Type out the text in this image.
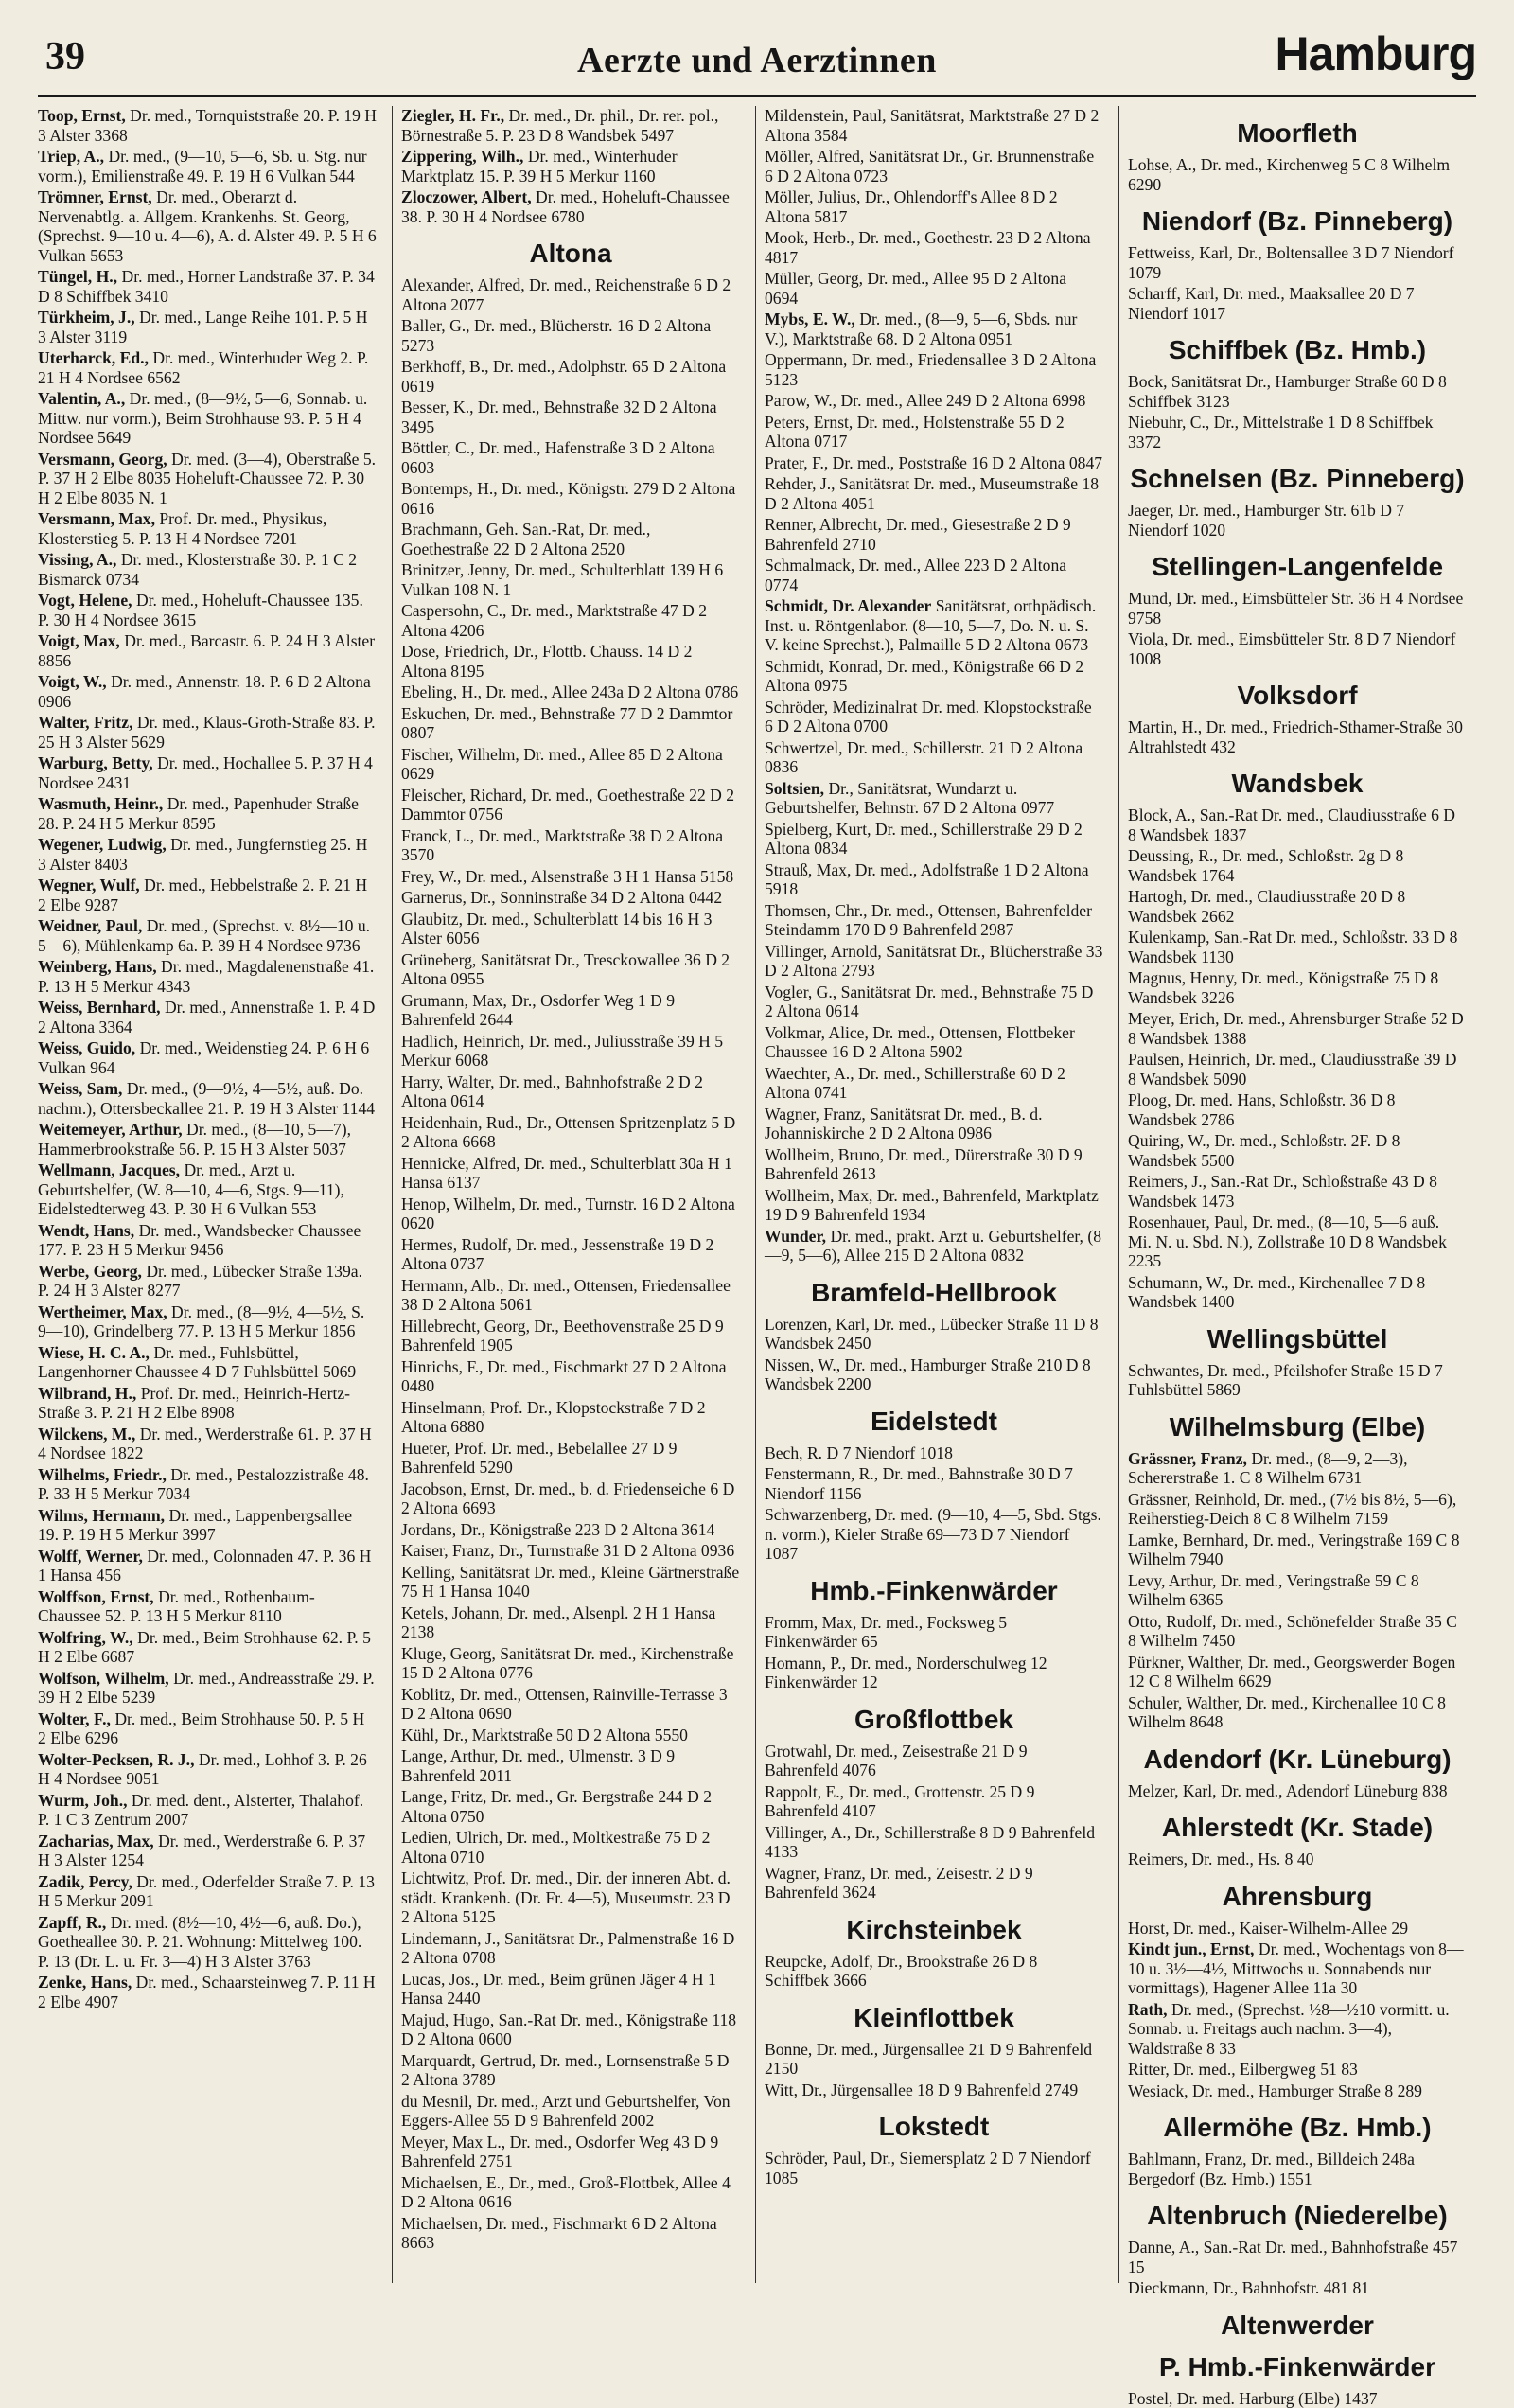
39	Aerzte und Aerztinnen	Hamburg
Toop, Ernst, Dr. med., Tornquiststraße 20. P. 19 H 3 Alster 3368
Triep, A., Dr. med., (9—10, 5—6, Sb. u. Stg. nur vorm.), Emilienstraße 49. P. 19 H 6 Vulkan 544
Trömner, Ernst, Dr. med., Oberarzt d. Nervenabtlg. a. Allgem. Krankenhs. St. Georg, (Sprechst. 9—10 u. 4—6), A. d. Alster 49. P. 5 H 6 Vulkan 5653
Tüngel, H., Dr. med., Horner Landstraße 37. P. 34 D 8 Schiffbek 3410
Türkheim, J., Dr. med., Lange Reihe 101. P. 5 H 3 Alster 3119
Uterharck, Ed., Dr. med., Winterhuder Weg 2. P. 21 H 4 Nordsee 6562
Valentin, A., Dr. med., (8—9½, 5—6, Sonnab. u. Mittw. nur vorm.), Beim Strohhause 93. P. 5 H 4 Nordsee 5649
Versmann, Georg, Dr. med. (3—4), Oberstraße 5. P. 37 H 2 Elbe 8035 Hoheluft-Chaussee 72. P. 30 H 2 Elbe 8035 N. 1
Versmann, Max, Prof. Dr. med., Physikus, Klosterstieg 5. P. 13 H 4 Nordsee 7201
Vissing, A., Dr. med., Klosterstraße 30. P. 1 C 2 Bismarck 0734
Vogt, Helene, Dr. med., Hoheluft-Chaussee 135. P. 30 H 4 Nordsee 3615
Voigt, Max, Dr. med., Barcastr. 6. P. 24 H 3 Alster 8856
Voigt, W., Dr. med., Annenstr. 18. P. 6 D 2 Altona 0906
Walter, Fritz, Dr. med., Klaus-Groth-Straße 83. P. 25 H 3 Alster 5629
Warburg, Betty, Dr. med., Hochallee 5. P. 37 H 4 Nordsee 2431
Wasmuth, Heinr., Dr. med., Papenhuder Straße 28. P. 24 H 5 Merkur 8595
Wegener, Ludwig, Dr. med., Jungfernstieg 25. H 3 Alster 8403
Wegner, Wulf, Dr. med., Hebbelstraße 2. P. 21 H 2 Elbe 9287
Weidner, Paul, Dr. med., (Sprechst. v. 8½—10 u. 5—6), Mühlenkamp 6a. P. 39 H 4 Nordsee 9736
Weinberg, Hans, Dr. med., Magdalenenstraße 41. P. 13 H 5 Merkur 4343
Weiss, Bernhard, Dr. med., Annenstraße 1. P. 4 D 2 Altona 3364
Weiss, Guido, Dr. med., Weidenstieg 24. P. 6 H 6 Vulkan 964
Weiss, Sam, Dr. med., (9—9½, 4—5½, auß. Do. nachm.), Ottersbeckallee 21. P. 19 H 3 Alster 1144
Weitemeyer, Arthur, Dr. med., (8—10, 5—7), Hammerbrookstraße 56. P. 15 H 3 Alster 5037
Wellmann, Jacques, Dr. med., Arzt u. Geburtshelfer, (W. 8—10, 4—6, Stgs. 9—11), Eidelstedterweg 43. P. 30 H 6 Vulkan 553
Wendt, Hans, Dr. med., Wandsbecker Chaussee 177. P. 23 H 5 Merkur 9456
Werbe, Georg, Dr. med., Lübecker Straße 139a. P. 24 H 3 Alster 8277
Wertheimer, Max, Dr. med., (8—9½, 4—5½, S. 9—10), Grindelberg 77. P. 13 H 5 Merkur 1856
Wiese, H. C. A., Dr. med., Fuhlsbüttel, Langenhorner Chaussee 4 D 7 Fuhlsbüttel 5069
Wilbrand, H., Prof. Dr. med., Heinrich-Hertz-Straße 3. P. 21 H 2 Elbe 8908
Wilckens, M., Dr. med., Werderstraße 61. P. 37 H 4 Nordsee 1822
Wilhelms, Friedr., Dr. med., Pestalozzistraße 48. P. 33 H 5 Merkur 7034
Wilms, Hermann, Dr. med., Lappenbergsallee 19. P. 19 H 5 Merkur 3997
Wolff, Werner, Dr. med., Colonnaden 47. P. 36 H 1 Hansa 456
Wolffson, Ernst, Dr. med., Rothenbaum-Chaussee 52. P. 13 H 5 Merkur 8110
Wolfring, W., Dr. med., Beim Strohhause 62. P. 5 H 2 Elbe 6687
Wolfson, Wilhelm, Dr. med., Andreasstraße 29. P. 39 H 2 Elbe 5239
Wolter, F., Dr. med., Beim Strohhause 50. P. 5 H 2 Elbe 6296
Wolter-Pecksen, R. J., Dr. med., Lohhof 3. P. 26 H 4 Nordsee 9051
Wurm, Joh., Dr. med. dent., Alsterter, Thalahof. P. 1 C 3 Zentrum 2007
Zacharias, Max, Dr. med., Werderstraße 6. P. 37 H 3 Alster 1254
Zadik, Percy, Dr. med., Oderfelder Straße 7. P. 13 H 5 Merkur 2091
Zapff, R., Dr. med. (8½—10, 4½—6, auß. Do.), Goetheallee 30. P. 21. Wohnung: Mittelweg 100. P. 13 (Dr. L. u. Fr. 3—4) H 3 Alster 3763
Zenke, Hans, Dr. med., Schaarsteinweg 7. P. 11 H 2 Elbe 4907
Ziegler, H. Fr., Dr. med., Dr. phil., Dr. rer. pol., Börnestraße 5. P. 23 D 8 Wandsbek 5497
Zippering, Wilh., Dr. med., Winterhuder Marktplatz 15. P. 39 H 5 Merkur 1160
Zloczower, Albert, Dr. med., Hoheluft-Chaussee 38. P. 30 H 4 Nordsee 6780
Altona
Alexander, Alfred, Dr. med., Reichenstraße 6 D 2 Altona 2077
Baller, G., Dr. med., Blücherstr. 16 D 2 Altona 5273
Berkhoff, B., Dr. med., Adolphstr. 65 D 2 Altona 0619
Besser, K., Dr. med., Behnstraße 32 D 2 Altona 3495
Böttler, C., Dr. med., Hafenstraße 3 D 2 Altona 0603
Bontemps, H., Dr. med., Königstr. 279 D 2 Altona 0616
Brachmann, Geh. San.-Rat, Dr. med., Goethestraße 22 D 2 Altona 2520
Brinitzer, Jenny, Dr. med., Schulterblatt 139 H 6 Vulkan 108 N. 1
Caspersohn, C., Dr. med., Marktstraße 47 D 2 Altona 4206
Dose, Friedrich, Dr., Flottb. Chauss. 14 D 2 Altona 8195
Ebeling, H., Dr. med., Allee 243a D 2 Altona 0786
Eskuchen, Dr. med., Behnstraße 77 D 2 Dammtor 0807
Fischer, Wilhelm, Dr. med., Allee 85 D 2 Altona 0629
Fleischer, Richard, Dr. med., Goethestraße 22 D 2 Dammtor 0756
Franck, L., Dr. med., Marktstraße 38 D 2 Altona 3570
Frey, W., Dr. med., Alsenstraße 3 H 1 Hansa 5158
Garnerus, Dr., Sonninstraße 34 D 2 Altona 0442
Glaubitz, Dr. med., Schulterblatt 14 bis 16 H 3 Alster 6056
Grüneberg, Sanitätsrat Dr., Tresckowallee 36 D 2 Altona 0955
Grumann, Max, Dr., Osdorfer Weg 1 D 9 Bahrenfeld 2644
Hadlich, Heinrich, Dr. med., Juliusstraße 39 H 5 Merkur 6068
Harry, Walter, Dr. med., Bahnhofstraße 2 D 2 Altona 0614
Heidenhain, Rud., Dr., Ottensen Spritzenplatz 5 D 2 Altona 6668
Hennicke, Alfred, Dr. med., Schulterblatt 30a H 1 Hansa 6137
Henop, Wilhelm, Dr. med., Turnstr. 16 D 2 Altona 0620
Hermes, Rudolf, Dr. med., Jessenstraße 19 D 2 Altona 0737
Hermann, Alb., Dr. med., Ottensen, Friedensallee 38 D 2 Altona 5061
Hillebrecht, Georg, Dr., Beethovenstraße 25 D 9 Bahrenfeld 1905
Hinrichs, F., Dr. med., Fischmarkt 27 D 2 Altona 0480
Hinselmann, Prof. Dr., Klopstockstraße 7 D 2 Altona 6880
Hueter, Prof. Dr. med., Bebelallee 27 D 9 Bahrenfeld 5290
Jacobson, Ernst, Dr. med., b. d. Friedenseiche 6 D 2 Altona 6693
Jordans, Dr., Königstraße 223 D 2 Altona 3614
Kaiser, Franz, Dr., Turnstraße 31 D 2 Altona 0936
Kelling, Sanitätsrat Dr. med., Kleine Gärtnerstraße 75 H 1 Hansa 1040
Ketels, Johann, Dr. med., Alsenpl. 2 H 1 Hansa 2138
Kluge, Georg, Sanitätsrat Dr. med., Kirchenstraße 15 D 2 Altona 0776
Koblitz, Dr. med., Ottensen, Rainville-Terrasse 3 D 2 Altona 0690
Kühl, Dr., Marktstraße 50 D 2 Altona 5550
Lange, Arthur, Dr. med., Ulmenstr. 3 D 9 Bahrenfeld 2011
Lange, Fritz, Dr. med., Gr. Bergstraße 244 D 2 Altona 0750
Ledien, Ulrich, Dr. med., Moltkestraße 75 D 2 Altona 0710
Lichtwitz, Prof. Dr. med., Dir. der inneren Abt. d. städt. Krankenh. (Dr. Fr. 4—5), Museumstr. 23 D 2 Altona 5125
Lindemann, J., Sanitätsrat Dr., Palmenstraße 16 D 2 Altona 0708
Lucas, Jos., Dr. med., Beim grünen Jäger 4 H 1 Hansa 2440
Majud, Hugo, San.-Rat Dr. med., Königstraße 118 D 2 Altona 0600
Marquardt, Gertrud, Dr. med., Lornsenstraße 5 D 2 Altona 3789
du Mesnil, Dr. med., Arzt und Geburtshelfer, Von Eggers-Allee 55 D 9 Bahrenfeld 2002
Meyer, Max L., Dr. med., Osdorfer Weg 43 D 9 Bahrenfeld 2751
Michaelsen, E., Dr., med., Groß-Flottbek, Allee 4 D 2 Altona 0616
Michaelsen, Dr. med., Fischmarkt 6 D 2 Altona 8663
Mildenstein, Paul, Sanitätsrat, Marktstraße 27 D 2 Altona 3584
Möller, Alfred, Sanitätsrat Dr., Gr. Brunnenstraße 6 D 2 Altona 0723
Möller, Julius, Dr., Ohlendorff's Allee 8 D 2 Altona 5817
Mook, Herb., Dr. med., Goethestr. 23 D 2 Altona 4817
Müller, Georg, Dr. med., Allee 95 D 2 Altona 0694
Mybs, E. W., Dr. med., (8—9, 5—6, Sbds. nur V.), Marktstraße 68. D 2 Altona 0951
Oppermann, Dr. med., Friedensallee 3 D 2 Altona 5123
Parow, W., Dr. med., Allee 249 D 2 Altona 6998
Peters, Ernst, Dr. med., Holstenstraße 55 D 2 Altona 0717
Prater, F., Dr. med., Poststraße 16 D 2 Altona 0847
Rehder, J., Sanitätsrat Dr. med., Museumstraße 18 D 2 Altona 4051
Renner, Albrecht, Dr. med., Giesestraße 2 D 9 Bahrenfeld 2710
Schmalmack, Dr. med., Allee 223 D 2 Altona 0774
Schmidt, Dr. Alexander Sanitätsrat, orthpädisch. Inst. u. Röntgenlabor. (8—10, 5—7, Do. N. u. S. V. keine Sprechst.), Palmaille 5 D 2 Altona 0673
Schmidt, Konrad, Dr. med., Königstraße 66 D 2 Altona 0975
Schröder, Medizinalrat Dr. med. Klopstockstraße 6 D 2 Altona 0700
Schwertzel, Dr. med., Schillerstr. 21 D 2 Altona 0836
Soltsien, Dr., Sanitätsrat, Wundarzt u. Geburtshelfer, Behnstr. 67 D 2 Altona 0977
Spielberg, Kurt, Dr. med., Schillerstraße 29 D 2 Altona 0834
Strauß, Max, Dr. med., Adolfstraße 1 D 2 Altona 5918
Thomsen, Chr., Dr. med., Ottensen, Bahrenfelder Steindamm 170 D 9 Bahrenfeld 2987
Villinger, Arnold, Sanitätsrat Dr., Blücherstraße 33 D 2 Altona 2793
Vogler, G., Sanitätsrat Dr. med., Behnstraße 75 D 2 Altona 0614
Volkmar, Alice, Dr. med., Ottensen, Flottbeker Chaussee 16 D 2 Altona 5902
Waechter, A., Dr. med., Schillerstraße 60 D 2 Altona 0741
Wagner, Franz, Sanitätsrat Dr. med., B. d. Johanniskirche 2 D 2 Altona 0986
Wollheim, Bruno, Dr. med., Dürerstraße 30 D 9 Bahrenfeld 2613
Wollheim, Max, Dr. med., Bahrenfeld, Marktplatz 19 D 9 Bahrenfeld 1934
Wunder, Dr. med., prakt. Arzt u. Geburtshelfer, (8—9, 5—6), Allee 215 D 2 Altona 0832
Bramfeld-Hellbrook
Lorenzen, Karl, Dr. med., Lübecker Straße 11 D 8 Wandsbek 2450
Nissen, W., Dr. med., Hamburger Straße 210 D 8 Wandsbek 2200
Eidelstedt
Bech, R. D 7 Niendorf 1018
Fenstermann, R., Dr. med., Bahnstraße 30 D 7 Niendorf 1156
Schwarzenberg, Dr. med. (9—10, 4—5, Sbd. Stgs. n. vorm.), Kieler Straße 69—73 D 7 Niendorf 1087
Hmb.-Finkenwärder
Fromm, Max, Dr. med., Focksweg 5 Finkenwärder 65
Homann, P., Dr. med., Norderschulweg 12 Finkenwärder 12
Großflottbek
Grotwahl, Dr. med., Zeisestraße 21 D 9 Bahrenfeld 4076
Rappolt, E., Dr. med., Grottenstr. 25 D 9 Bahrenfeld 4107
Villinger, A., Dr., Schillerstraße 8 D 9 Bahrenfeld 4133
Wagner, Franz, Dr. med., Zeisestr. 2 D 9 Bahrenfeld 3624
Kirchsteinbek
Reupcke, Adolf, Dr., Brookstraße 26 D 8 Schiffbek 3666
Kleinflottbek
Bonne, Dr. med., Jürgensallee 21 D 9 Bahrenfeld 2150
Witt, Dr., Jürgensallee 18 D 9 Bahrenfeld 2749
Lokstedt
Schröder, Paul, Dr., Siemersplatz 2 D 7 Niendorf 1085
Moorfleth
Lohse, A., Dr. med., Kirchenweg 5 C 8 Wilhelm 6290
Niendorf (Bz. Pinneberg)
Fettweiss, Karl, Dr., Boltensallee 3 D 7 Niendorf 1079
Scharff, Karl, Dr. med., Maaksallee 20 D 7 Niendorf 1017
Schiffbek (Bz. Hmb.)
Bock, Sanitätsrat Dr., Hamburger Straße 60 D 8 Schiffbek 3123
Niebuhr, C., Dr., Mittelstraße 1 D 8 Schiffbek 3372
Schnelsen (Bz. Pinneberg)
Jaeger, Dr. med., Hamburger Str. 61b D 7 Niendorf 1020
Stellingen-Langenfelde
Mund, Dr. med., Eimsbütteler Str. 36 H 4 Nordsee 9758
Viola, Dr. med., Eimsbütteler Str. 8 D 7 Niendorf 1008
Volksdorf
Martin, H., Dr. med., Friedrich-Sthamer-Straße 30 Altrahlstedt 432
Wandsbek
Block, A., San.-Rat Dr. med., Claudiusstraße 6 D 8 Wandsbek 1837
Deussing, R., Dr. med., Schloßstr. 2g D 8 Wandsbek 1764
Hartogh, Dr. med., Claudiusstraße 20 D 8 Wandsbek 2662
Kulenkamp, San.-Rat Dr. med., Schloßstr. 33 D 8 Wandsbek 1130
Magnus, Henny, Dr. med., Königstraße 75 D 8 Wandsbek 3226
Meyer, Erich, Dr. med., Ahrensburger Straße 52 D 8 Wandsbek 1388
Paulsen, Heinrich, Dr. med., Claudiusstraße 39 D 8 Wandsbek 5090
Ploog, Dr. med. Hans, Schloßstr. 36 D 8 Wandsbek 2786
Quiring, W., Dr. med., Schloßstr. 2F. D 8 Wandsbek 5500
Reimers, J., San.-Rat Dr., Schloßstraße 43 D 8 Wandsbek 1473
Rosenhauer, Paul, Dr. med., (8—10, 5—6 auß. Mi. N. u. Sbd. N.), Zollstraße 10 D 8 Wandsbek 2235
Schumann, W., Dr. med., Kirchenallee 7 D 8 Wandsbek 1400
Wellingsbüttel
Schwantes, Dr. med., Pfeilshofer Straße 15 D 7 Fuhlsbüttel 5869
Wilhelmsburg (Elbe)
Grässner, Franz, Dr. med., (8—9, 2—3), Schererstraße 1. C 8 Wilhelm 6731
Grässner, Reinhold, Dr. med., (7½ bis 8½, 5—6), Reiherstieg-Deich 8 C 8 Wilhelm 7159
Lamke, Bernhard, Dr. med., Veringstraße 169 C 8 Wilhelm 7940
Levy, Arthur, Dr. med., Veringstraße 59 C 8 Wilhelm 6365
Otto, Rudolf, Dr. med., Schönefelder Straße 35 C 8 Wilhelm 7450
Pürkner, Walther, Dr. med., Georgswerder Bogen 12 C 8 Wilhelm 6629
Schuler, Walther, Dr. med., Kirchenallee 10 C 8 Wilhelm 8648
Adendorf (Kr. Lüneburg)
Melzer, Karl, Dr. med., Adendorf Lüneburg 838
Ahlerstedt (Kr. Stade)
Reimers, Dr. med., Hs. 8 40
Ahrensburg
Horst, Dr. med., Kaiser-Wilhelm-Allee 29
Kindt jun., Ernst, Dr. med., Wochentags von 8—10 u. 3½—4½, Mittwochs u. Sonnabends nur vormittags), Hagener Allee 11a 30
Rath, Dr. med., (Sprechst. ½8—½10 vormitt. u. Sonnab. u. Freitags auch nachm. 3—4), Waldstraße 8 33
Ritter, Dr. med., Eilbergweg 51 83
Wesiack, Dr. med., Hamburger Straße 8 289
Allermöhe (Bz. Hmb.)
Bahlmann, Franz, Dr. med., Billdeich 248a Bergedorf (Bz. Hmb.) 1551
Altenbruch (Niederelbe)
Danne, A., San.-Rat Dr. med., Bahnhofstraße 457 15
Dieckmann, Dr., Bahnhofstr. 481 81
Altenwerder
P. Hmb.-Finkenwärder
Postel, Dr. med. Harburg (Elbe) 1437
